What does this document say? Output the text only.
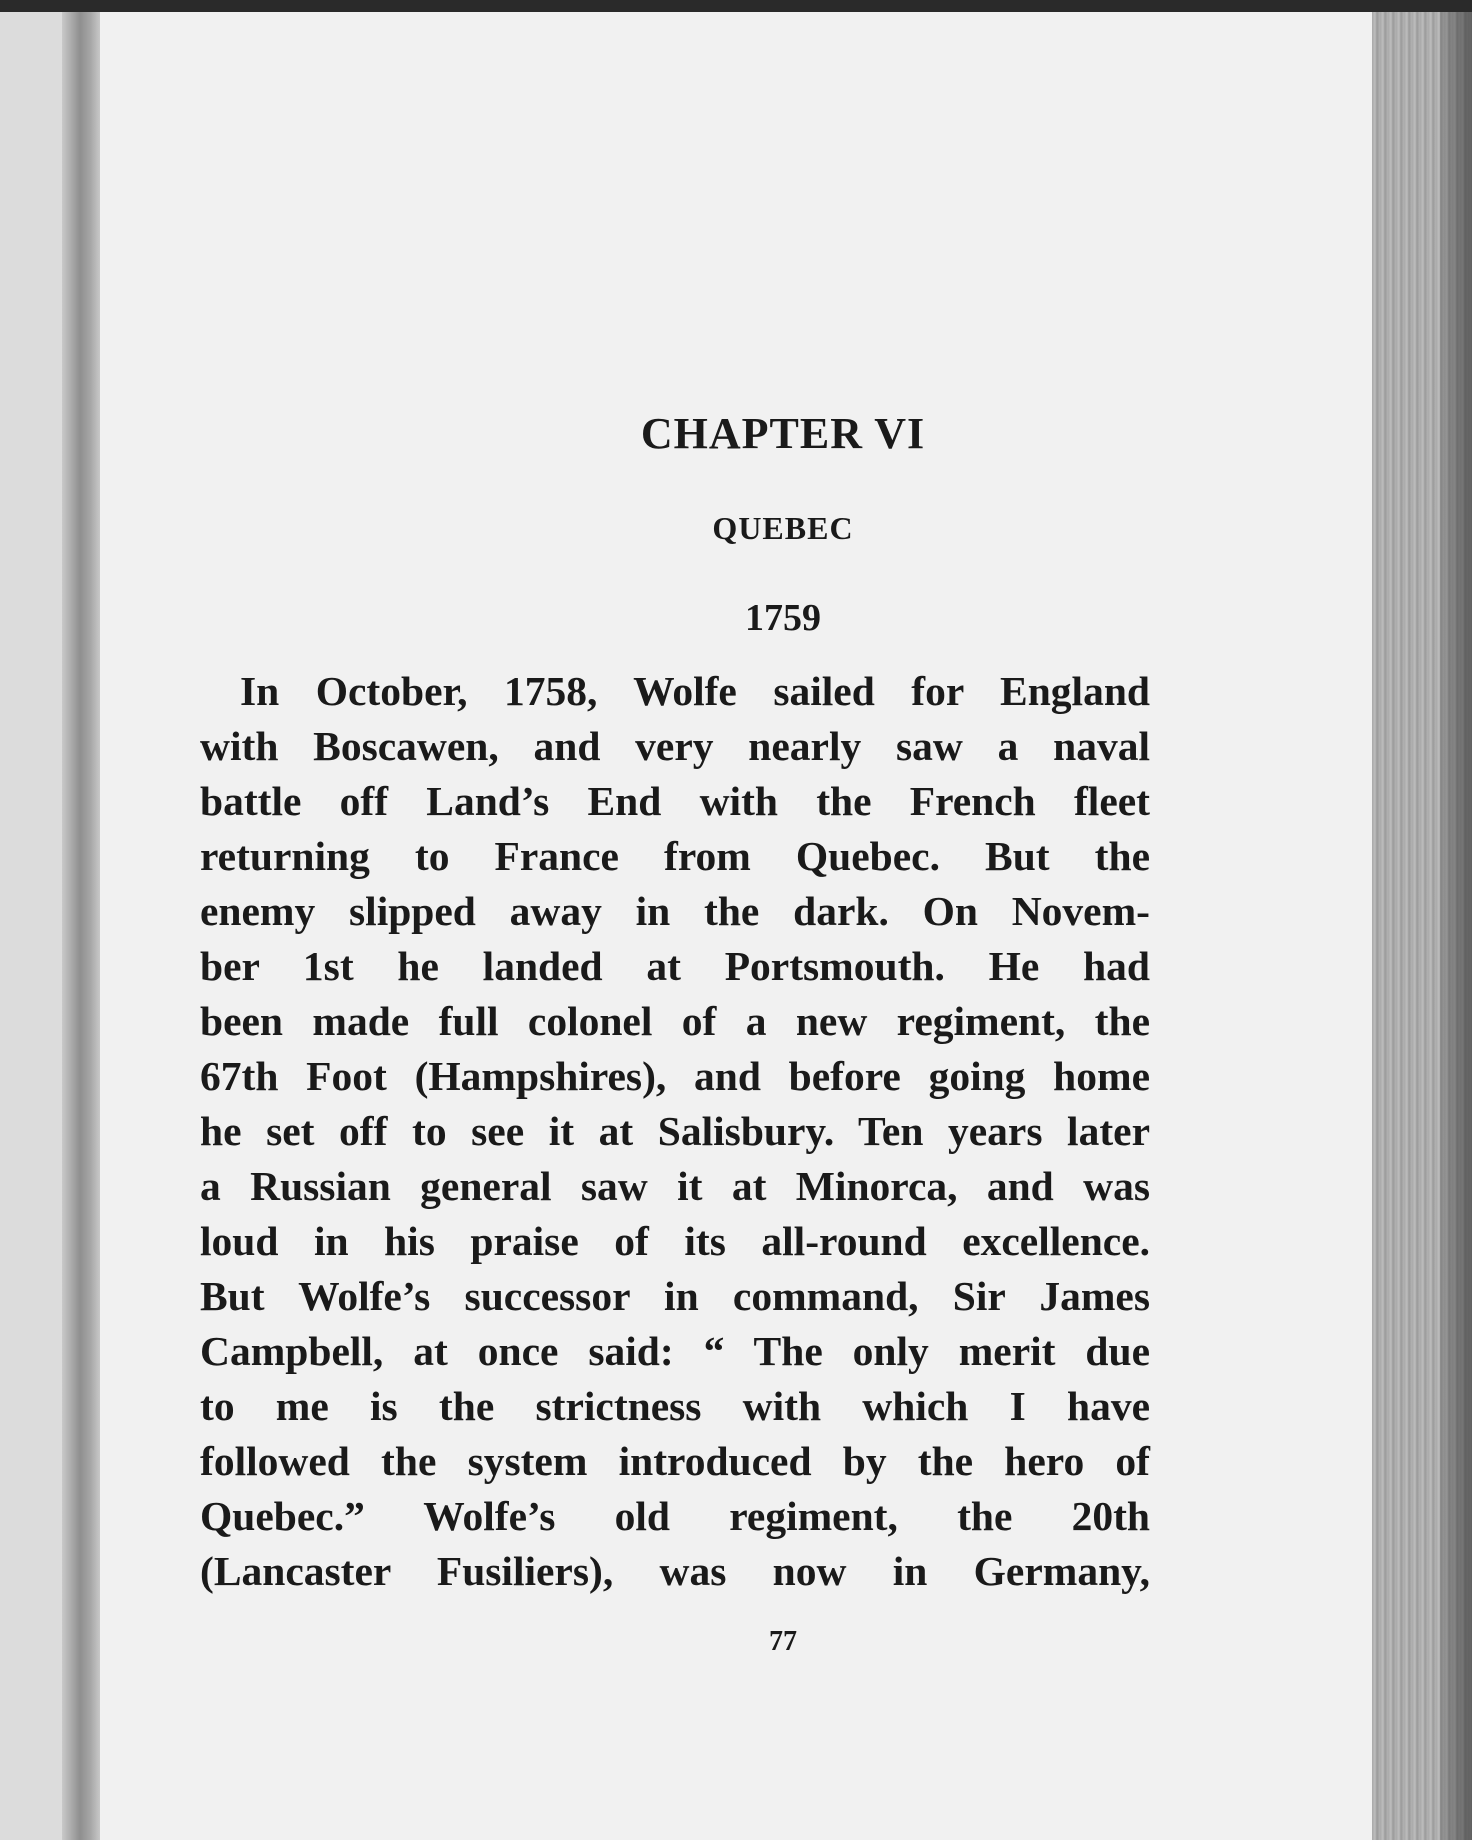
CHAPTER VI
QUEBEC
1759
In October, 1758, Wolfe sailed for England
with Boscawen, and very nearly saw a naval
battle off Land’s End with the French fleet
returning to France from Quebec. But the
enemy slipped away in the dark. On Novem-
ber 1st he landed at Portsmouth. He had
been made full colonel of a new regiment, the
67th Foot (Hampshires), and before going home
he set off to see it at Salisbury. Ten years later
a Russian general saw it at Minorca, and was
loud in his praise of its all-round excellence.
But Wolfe’s successor in command, Sir James
Campbell, at once said: “ The only merit due
to me is the strictness with which I have
followed the system introduced by the hero of
Quebec.” Wolfe’s old regiment, the 20th
(Lancaster Fusiliers), was now in Germany,
77
